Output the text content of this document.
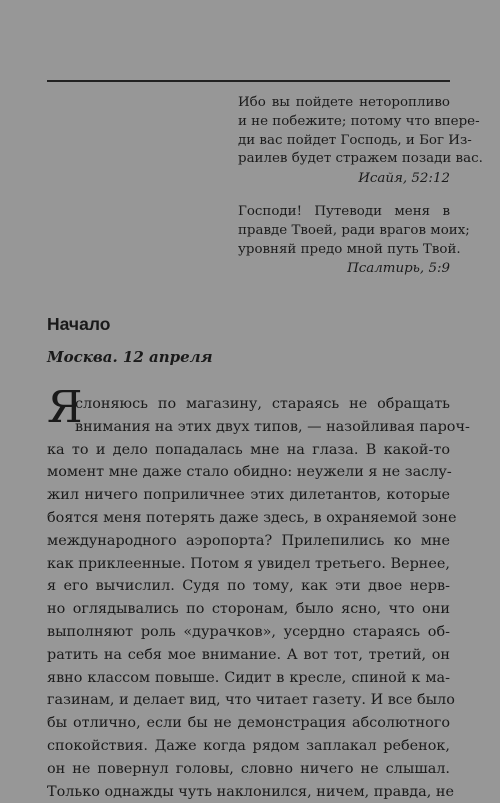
Ибо вы пойдете неторопливо
и не побежите; потому что впере-
ди вас пойдет Господь, и Бог Из-
раилев будет стражем позади вас.
Исайя, 52:12
Господи! Путеводи меня в
правде Твоей, ради врагов моих;
уровняй предо мной путь Твой.
Псалтирь, 5:9
Начало
Москва. 12 апреля
Я
слоняюсь по магазину, стараясь не обращать
внимания на этих двух типов, — назойливая пароч-
ка то и дело попадалась мне на глаза. В какой-то
момент мне даже стало обидно: неужели я не заслу-
жил ничего поприличнее этих дилетантов, которые
боятся меня потерять даже здесь, в охраняемой зоне
международного аэропорта? Прилепились ко мне
как приклеенные. Потом я увидел третьего. Вернее,
я его вычислил. Судя по тому, как эти двое нерв-
но оглядывались по сторонам, было ясно, что они
выполняют роль «дурачков», усердно стараясь об-
ратить на себя мое внимание. А вот тот, третий, он
явно классом повыше. Сидит в кресле, спиной к ма-
газинам, и делает вид, что читает газету. И все было
бы отлично, если бы не демонстрация абсолютного
спокойствия. Даже когда рядом заплакал ребенок,
он не повернул головы, словно ничего не слышал.
Только однажды чуть наклонился, ничем, правда, не
